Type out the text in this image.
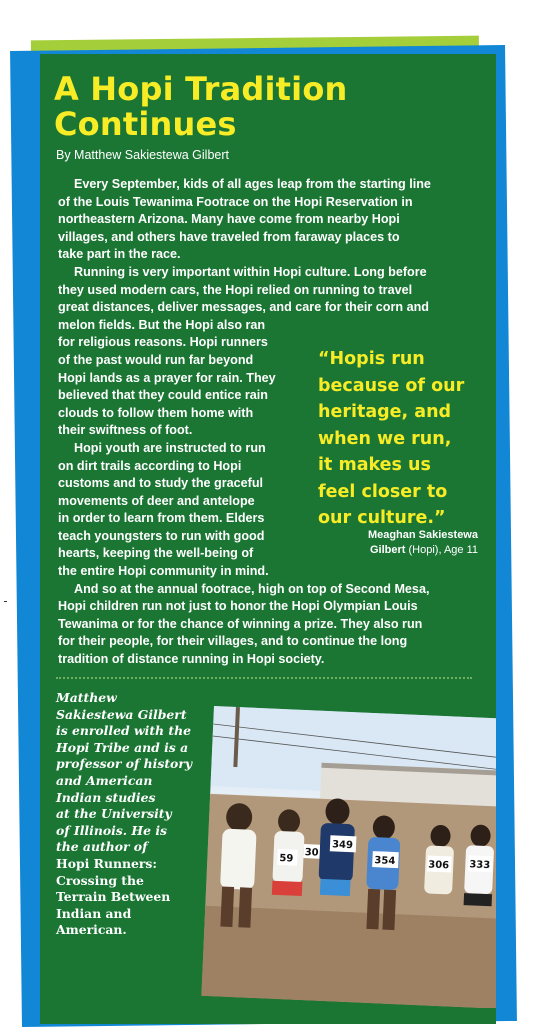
A Hopi Tradition
Continues
By Matthew Sakiestewa Gilbert

Every September, kids of all ages leap from the starting line
of the Louis Tewanima Footrace on the Hopi Reservation in
northeastern Arizona. Many have come from nearby Hopi
villages, and others have traveled from faraway places to
take part in the race.

Running is very important within Hopi culture. Long before
they used modern cars, the Hopi relied on running to travel
great distances, deliver messages, and care for their corn and
melon fields. But the Hopi also ran
for religious reasons. Hopi runners
of the past would run far beyond
Hopi lands as a prayer for rain. They
believed that they could entice rain
clouds to follow them home with
their swiftness of foot.

Hopi youth are instructed to run
on dirt trails according to Hopi
customs and to study the graceful
movements of deer and antelope
in order to learn from them. Elders
teach youngsters to run with good
hearts, keeping the well-being of
the entire Hopi community in mind.

And so at the annual footrace, high on top of Second Mesa,
Hopi children run not just to honor the Hopi Olympian Louis
Tewanima or for the chance of winning a prize. They also run
for their people, for their villages, and to continue the long
tradition of distance running in Hopi society.

“Hopis run
because of our
heritage, and
when we run,
it makes us
feel closer to
our culture.”
Meaghan Sakiestewa
Gilbert (Hopi), Age 11
Matthew
Sakiestewa Gilbert
is enrolled with the
Hopi Tribe and is a
professor of history
and American
Indian studies
at the University
of Illinois. He is
the author of
Hopi Runners:
Crossing the
Terrain Between
Indian and
American.
349
354	306 333
59
30
